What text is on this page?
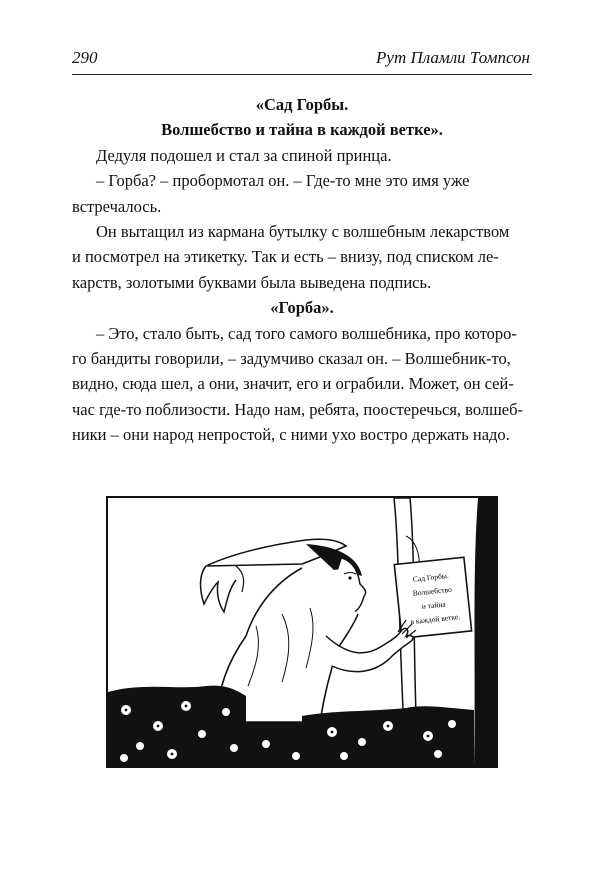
290	Рут Пламли Томпсон

«Сад Горбы.

Волшебство и тайна в каждой ветке».

Дедуля подошел и стал за спиной принца.

– Горба? – пробормотал он. – Где-то мне это имя уже

встречалось.

Он вытащил из кармана бутылку с волшебным лекарством

и посмотрел на этикетку. Так и есть – внизу, под списком ле-

карств, золотыми буквами была выведена подпись.

«Горба».

– Это, стало быть, сад того самого волшебника, про которо-

го бандиты говорили, – задумчиво сказал он. – Волшебник-то,

видно, сюда шел, а они, значит, его и ограбили. Может, он сей-

час где-то поблизости. Надо нам, ребята, поостеречься, волшеб-

ники – они народ непростой, с ними ухо востро держать надо.

Сад Горбы.
Волшебство
и тайна
в каждой ветке.
